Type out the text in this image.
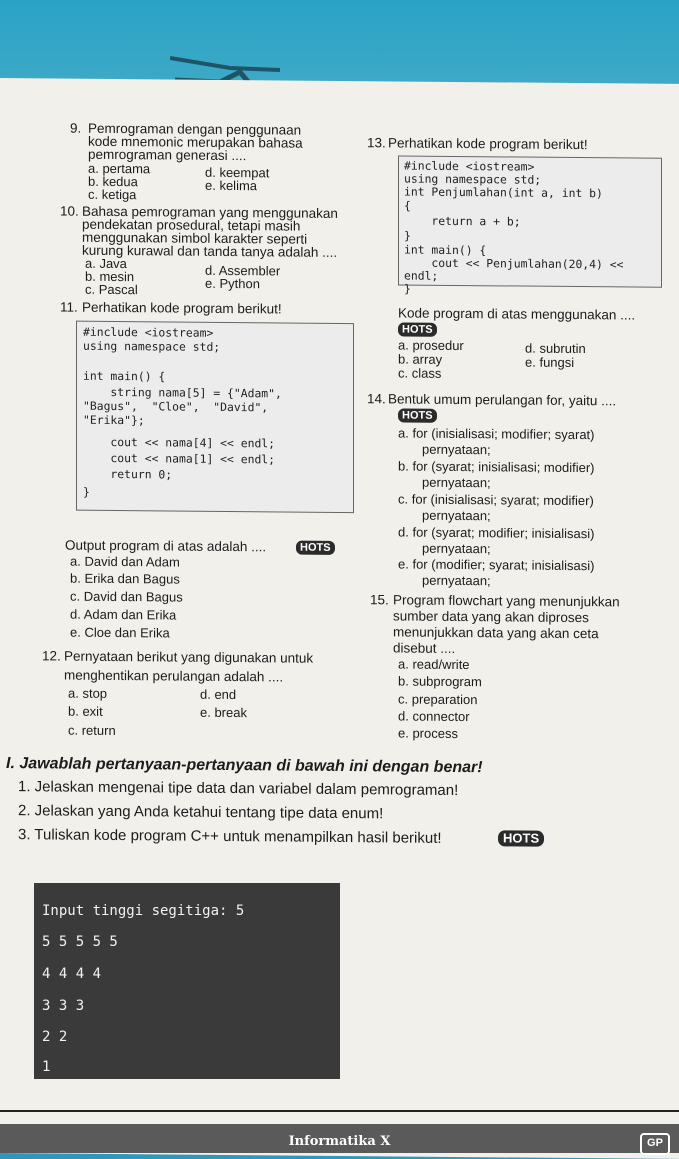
9. Pemrograman dengan penggunaan
kode mnemonic merupakan bahasa
pemrograman generasi ....
a. pertama
b. kedua
c. ketiga
d. keempat
e. kelima
10. Bahasa pemrograman yang menggunakan
pendekatan prosedural, tetapi masih
menggunakan simbol karakter seperti
kurung kurawal dan tanda tanya adalah ....
a. Java
b. mesin
c. Pascal
d. Assembler
e. Python
11. Perhatikan kode program berikut!
#include <iostream>
using namespace std;
int main() {
string nama[5] = {"Adam",
"Bagus",  "Cloe",  "David",
"Erika"};
cout << nama[4] << endl;
cout << nama[1] << endl;
return 0;
}
Output program di atas adalah ....	HOTS
a. David dan Adam
b. Erika dan Bagus
c. David dan Bagus
d. Adam dan Erika
e. Cloe dan Erika
12. Pernyataan berikut yang digunakan untuk
menghentikan perulangan adalah ....
a. stop
b. exit
c. return
d. end
e. break
13. Perhatikan kode program berikut!
#include <iostream>
using namespace std;
int Penjumlahan(int a, int b)
{
return a + b;
}
int main() {
cout << Penjumlahan(20,4) <<
endl;
}
Kode program di atas menggunakan ....
HOTS
a. prosedur
b. array
c. class
d. subrutin
e. fungsi
14. Bentuk umum perulangan for, yaitu ....
HOTS
a. for (inisialisasi; modifier; syarat)
pernyataan;
b. for (syarat; inisialisasi; modifier)
pernyataan;
c. for (inisialisasi; syarat; modifier)
pernyataan;
d. for (syarat; modifier; inisialisasi)
pernyataan;
e. for (modifier; syarat; inisialisasi)
pernyataan;
15. Program flowchart yang menunjukkan
sumber data yang akan diproses
menunjukkan data yang akan ceta
disebut ....
a. read/write
b. subprogram
c. preparation
d. connector
e. process
I. Jawablah pertanyaan-pertanyaan di bawah ini dengan benar!
1. Jelaskan mengenai tipe data dan variabel dalam pemrograman!
2. Jelaskan yang Anda ketahui tentang tipe data enum!
3. Tuliskan kode program C++ untuk menampilkan hasil berikut!	HOTS
Input tinggi segitiga: 5
5 5 5 5 5
4 4 4 4
3 3 3
2 2
1
Informatika X	GP
